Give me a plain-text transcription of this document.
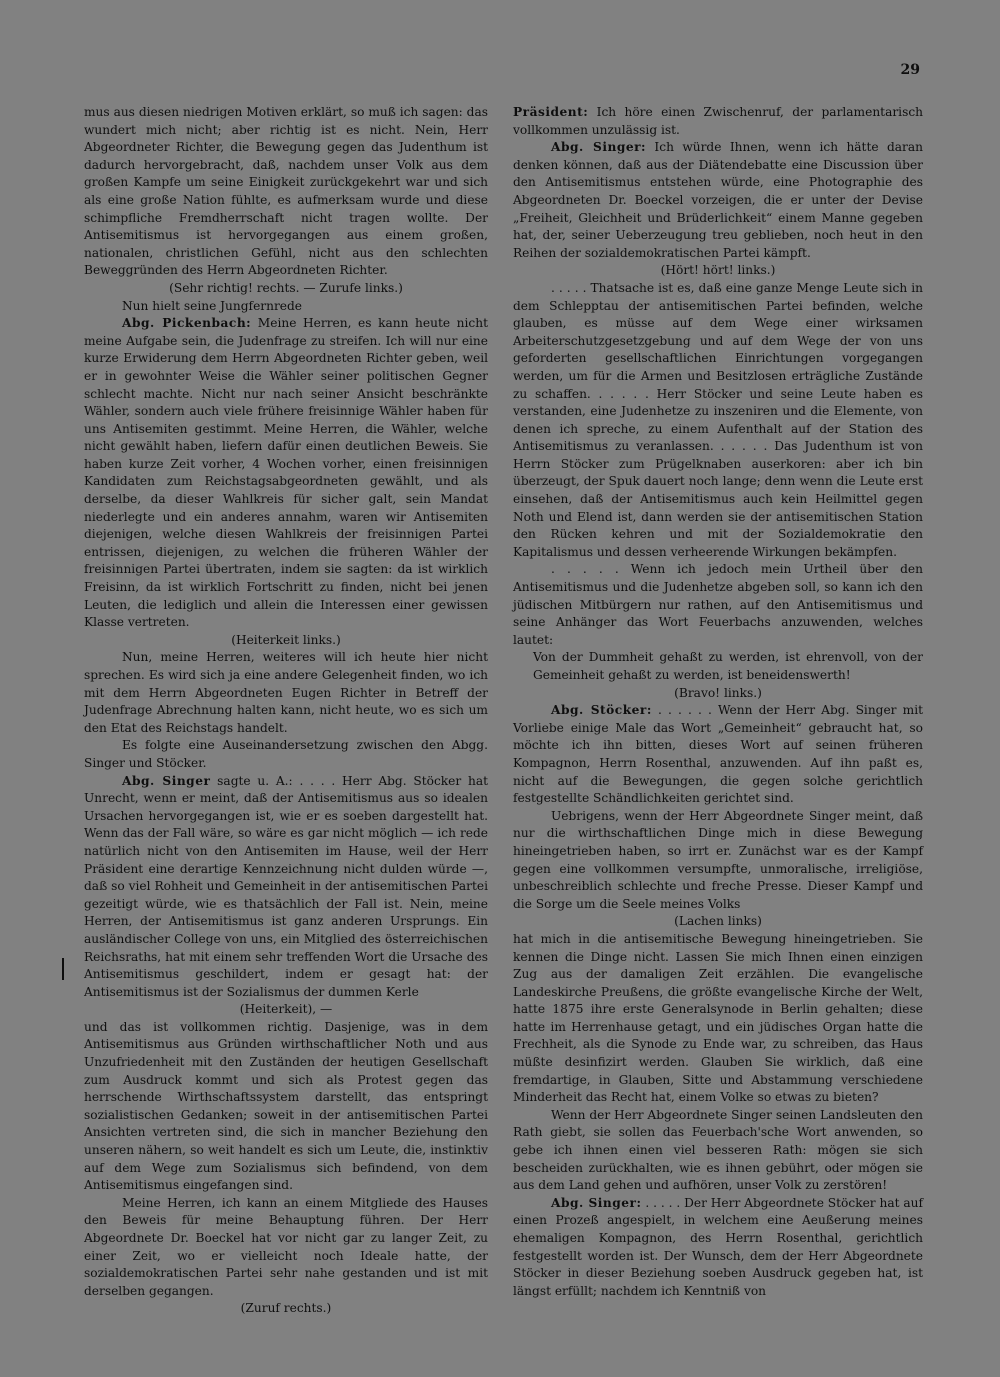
29

mus aus diesen niedrigen Motiven erklärt, so muß ich sagen: das wundert mich nicht; aber richtig ist es nicht. Nein, Herr Abgeordneter Richter, die Bewegung gegen das Judenthum ist dadurch hervorgebracht, daß, nachdem unser Volk aus dem großen Kampfe um seine Einigkeit zurückgekehrt war und sich als eine große Nation fühlte, es aufmerksam wurde und diese schimpfliche Fremdherrschaft nicht tragen wollte. Der Antisemitismus ist hervorgegangen aus einem großen, nationalen, christlichen Gefühl, nicht aus den schlechten Beweggründen des Herrn Abgeordneten Richter.

(Sehr richtig! rechts. — Zurufe links.)

Nun hielt seine Jungfernrede

Abg. Pickenbach: Meine Herren, es kann heute nicht meine Aufgabe sein, die Judenfrage zu streifen. Ich will nur eine kurze Erwiderung dem Herrn Abgeordneten Richter geben, weil er in gewohnter Weise die Wähler seiner politischen Gegner schlecht machte. Nicht nur nach seiner Ansicht beschränkte Wähler, sondern auch viele frühere freisinnige Wähler haben für uns Antisemiten gestimmt. Meine Herren, die Wähler, welche nicht gewählt haben, liefern dafür einen deutlichen Beweis. Sie haben kurze Zeit vorher, 4 Wochen vorher, einen freisinnigen Kandidaten zum Reichstagsabgeordneten gewählt, und als derselbe, da dieser Wahlkreis für sicher galt, sein Mandat niederlegte und ein anderes annahm, waren wir Antisemiten diejenigen, welche diesen Wahlkreis der freisinnigen Partei entrissen, diejenigen, zu welchen die früheren Wähler der freisinnigen Partei übertraten, indem sie sagten: da ist wirklich Freisinn, da ist wirklich Fortschritt zu finden, nicht bei jenen Leuten, die lediglich und allein die Interessen einer gewissen Klasse vertreten.

(Heiterkeit links.)

Nun, meine Herren, weiteres will ich heute hier nicht sprechen. Es wird sich ja eine andere Gelegenheit finden, wo ich mit dem Herrn Abgeordneten Eugen Richter in Betreff der Judenfrage Abrechnung halten kann, nicht heute, wo es sich um den Etat des Reichstags handelt.

Es folgte eine Auseinandersetzung zwischen den Abgg. Singer und Stöcker.

Abg. Singer sagte u. A.: . . . . Herr Abg. Stöcker hat Unrecht, wenn er meint, daß der Antisemitismus aus so idealen Ursachen hervorgegangen ist, wie er es soeben dargestellt hat. Wenn das der Fall wäre, so wäre es gar nicht möglich — ich rede natürlich nicht von den Antisemiten im Hause, weil der Herr Präsident eine derartige Kennzeichnung nicht dulden würde —, daß so viel Rohheit und Gemeinheit in der antisemitischen Partei gezeitigt würde, wie es thatsächlich der Fall ist. Nein, meine Herren, der Antisemitismus ist ganz anderen Ursprungs. Ein ausländischer College von uns, ein Mitglied des österreichischen Reichsraths, hat mit einem sehr treffenden Wort die Ursache des Antisemitismus geschildert, indem er gesagt hat: der Antisemitismus ist der Sozialismus der dummen Kerle

(Heiterkeit), —

und das ist vollkommen richtig. Dasjenige, was in dem Antisemitismus aus Gründen wirthschaftlicher Noth und aus Unzufriedenheit mit den Zuständen der heutigen Gesellschaft zum Ausdruck kommt und sich als Protest gegen das herrschende Wirthschaftssystem darstellt, das entspringt sozialistischen Gedanken; soweit in der antisemitischen Partei Ansichten vertreten sind, die sich in mancher Beziehung den unseren nähern, so weit handelt es sich um Leute, die, instinktiv auf dem Wege zum Sozialismus sich befindend, von dem Antisemitismus eingefangen sind.

Meine Herren, ich kann an einem Mitgliede des Hauses den Beweis für meine Behauptung führen. Der Herr Abgeordnete Dr. Boeckel hat vor nicht gar zu langer Zeit, zu einer Zeit, wo er vielleicht noch Ideale hatte, der sozialdemokratischen Partei sehr nahe gestanden und ist mit derselben gegangen.

(Zuruf rechts.)

Präsident: Ich höre einen Zwischenruf, der parlamentarisch vollkommen unzulässig ist.

Abg. Singer: Ich würde Ihnen, wenn ich hätte daran denken können, daß aus der Diätendebatte eine Discussion über den Antisemitismus entstehen würde, eine Photographie des Abgeordneten Dr. Boeckel vorzeigen, die er unter der Devise „Freiheit, Gleichheit und Brüderlichkeit“ einem Manne gegeben hat, der, seiner Ueberzeugung treu geblieben, noch heut in den Reihen der sozialdemokratischen Partei kämpft.

(Hört! hört! links.)

. . . . . Thatsache ist es, daß eine ganze Menge Leute sich in dem Schlepptau der antisemitischen Partei befinden, welche glauben, es müsse auf dem Wege einer wirksamen Arbeiterschutzgesetzgebung und auf dem Wege der von uns geforderten gesellschaftlichen Einrichtungen vorgegangen werden, um für die Armen und Besitzlosen erträgliche Zustände zu schaffen. . . . . . Herr Stöcker und seine Leute haben es verstanden, eine Judenhetze zu inszeniren und die Elemente, von denen ich spreche, zu einem Aufenthalt auf der Station des Antisemitismus zu veranlassen. . . . . . Das Judenthum ist von Herrn Stöcker zum Prügelknaben auserkoren: aber ich bin überzeugt, der Spuk dauert noch lange; denn wenn die Leute erst einsehen, daß der Antisemitismus auch kein Heilmittel gegen Noth und Elend ist, dann werden sie der antisemitischen Station den Rücken kehren und mit der Sozialdemokratie den Kapitalismus und dessen verheerende Wirkungen bekämpfen.

. . . . . Wenn ich jedoch mein Urtheil über den Antisemitismus und die Judenhetze abgeben soll, so kann ich den jüdischen Mitbürgern nur rathen, auf den Antisemitismus und seine Anhänger das Wort Feuerbachs anzuwenden, welches lautet:

Von der Dummheit gehaßt zu werden, ist ehrenvoll, von der Gemeinheit gehaßt zu werden, ist beneidenswerth!

(Bravo! links.)

Abg. Stöcker: . . . . . . Wenn der Herr Abg. Singer mit Vorliebe einige Male das Wort „Gemeinheit“ gebraucht hat, so möchte ich ihn bitten, dieses Wort auf seinen früheren Kompagnon, Herrn Rosenthal, anzuwenden. Auf ihn paßt es, nicht auf die Bewegungen, die gegen solche gerichtlich festgestellte Schändlichkeiten gerichtet sind.

Uebrigens, wenn der Herr Abgeordnete Singer meint, daß nur die wirthschaftlichen Dinge mich in diese Bewegung hineingetrieben haben, so irrt er. Zunächst war es der Kampf gegen eine vollkommen versumpfte, unmoralische, irreligiöse, unbeschreiblich schlechte und freche Presse. Dieser Kampf und die Sorge um die Seele meines Volks

(Lachen links)

hat mich in die antisemitische Bewegung hineingetrieben. Sie kennen die Dinge nicht. Lassen Sie mich Ihnen einen einzigen Zug aus der damaligen Zeit erzählen. Die evangelische Landeskirche Preußens, die größte evangelische Kirche der Welt, hatte 1875 ihre erste Generalsynode in Berlin gehalten; diese hatte im Herrenhause getagt, und ein jüdisches Organ hatte die Frechheit, als die Synode zu Ende war, zu schreiben, das Haus müßte desinfizirt werden. Glauben Sie wirklich, daß eine fremdartige, in Glauben, Sitte und Abstammung verschiedene Minderheit das Recht hat, einem Volke so etwas zu bieten?

Wenn der Herr Abgeordnete Singer seinen Landsleuten den Rath giebt, sie sollen das Feuerbach'sche Wort anwenden, so gebe ich ihnen einen viel besseren Rath: mögen sie sich bescheiden zurückhalten, wie es ihnen gebührt, oder mögen sie aus dem Land gehen und aufhören, unser Volk zu zerstören!

Abg. Singer: . . . . . Der Herr Abgeordnete Stöcker hat auf einen Prozeß angespielt, in welchem eine Aeußerung meines ehemaligen Kompagnon, des Herrn Rosenthal, gerichtlich festgestellt worden ist. Der Wunsch, dem der Herr Abgeordnete Stöcker in dieser Beziehung soeben Ausdruck gegeben hat, ist längst erfüllt; nachdem ich Kenntniß von
